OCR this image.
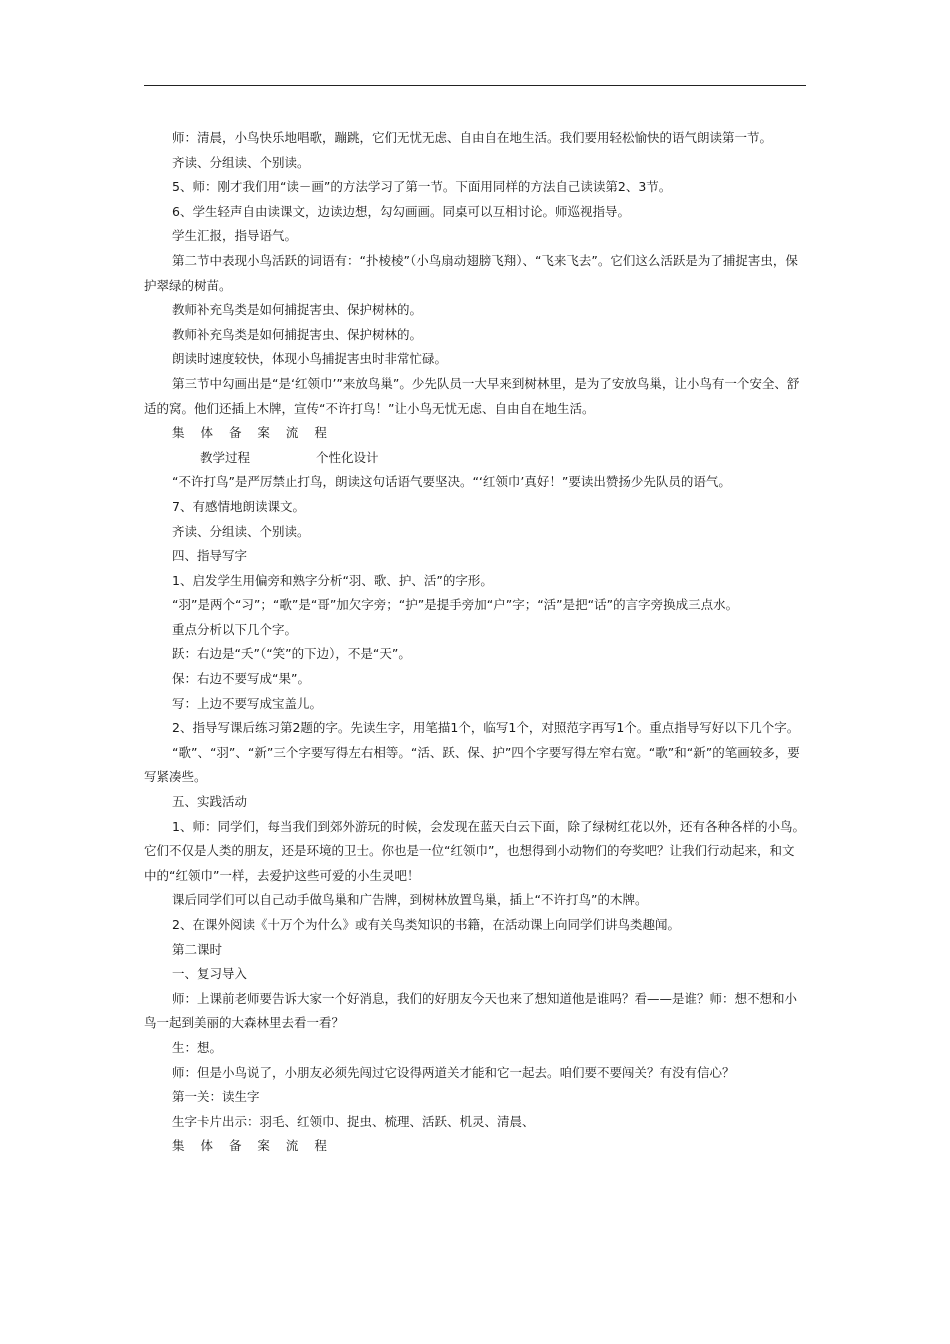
师：清晨，小鸟快乐地唱歌，蹦跳，它们无忧无虑、自由自在地生活。我们要用轻松愉快的语气朗读第一节。

齐读、分组读、个别读。

5、师：刚才我们用“读－画”的方法学习了第一节。下面用同样的方法自己读读第2、3节。

6、学生轻声自由读课文，边读边想，勾勾画画。同桌可以互相讨论。师巡视指导。

学生汇报，指导语气。

第二节中表现小鸟活跃的词语有：“扑棱棱”（小鸟扇动翅膀飞翔）、“飞来飞去”。它们这么活跃是为了捕捉害虫，保护翠绿的树苗。

教师补充鸟类是如何捕捉害虫、保护树林的。

教师补充鸟类是如何捕捉害虫、保护树林的。

朗读时速度较快，体现小鸟捕捉害虫时非常忙碌。

第三节中勾画出是“是‘红领巾’”来放鸟巢”。少先队员一大早来到树林里，是为了安放鸟巢，让小鸟有一个安全、舒适的窝。他们还插上木牌，宣传“不许打鸟！”让小鸟无忧无虑、自由自在地生活。

集 体 备 案 流 程

教学过程	个性化设计

“不许打鸟”是严厉禁止打鸟，朗读这句话语气要坚决。“‘红领巾’真好！”要读出赞扬少先队员的语气。

7、有感情地朗读课文。

齐读、分组读、个别读。

四、指导写字

1、启发学生用偏旁和熟字分析“羽、歌、护、活”的字形。

“羽”是两个“习”；“歌”是“哥”加欠字旁；“护”是提手旁加“户”字；“活”是把“话”的言字旁换成三点水。

重点分析以下几个字。

跃：右边是“夭”（“笑”的下边），不是“天”。

保：右边不要写成“果”。

写：上边不要写成宝盖儿。

2、指导写课后练习第2题的字。先读生字，用笔描1个，临写1个，对照范字再写1个。重点指导写好以下几个字。

“歌”、“羽”、“新”三个字要写得左右相等。“活、跃、保、护”四个字要写得左窄右宽。“歌”和“新”的笔画较多，要写紧凑些。

五、实践活动

1、师：同学们，每当我们到郊外游玩的时候，会发现在蓝天白云下面，除了绿树红花以外，还有各种各样的小鸟。它们不仅是人类的朋友，还是环境的卫士。你也是一位“红领巾”，也想得到小动物们的夸奖吧？让我们行动起来，和文中的“红领巾”一样，去爱护这些可爱的小生灵吧！

课后同学们可以自己动手做鸟巢和广告牌，到树林放置鸟巢，插上“不许打鸟”的木牌。

2、在课外阅读《十万个为什么》或有关鸟类知识的书籍，在活动课上向同学们讲鸟类趣闻。

第二课时

一、复习导入

师：上课前老师要告诉大家一个好消息，我们的好朋友今天也来了想知道他是谁吗？看——是谁？师：想不想和小鸟一起到美丽的大森林里去看一看？

生：想。

师：但是小鸟说了，小朋友必须先闯过它设得两道关才能和它一起去。咱们要不要闯关？有没有信心？

第一关：读生字

生字卡片出示：羽毛、红领巾、捉虫、梳理、活跃、机灵、清晨、

集 体 备 案 流 程
